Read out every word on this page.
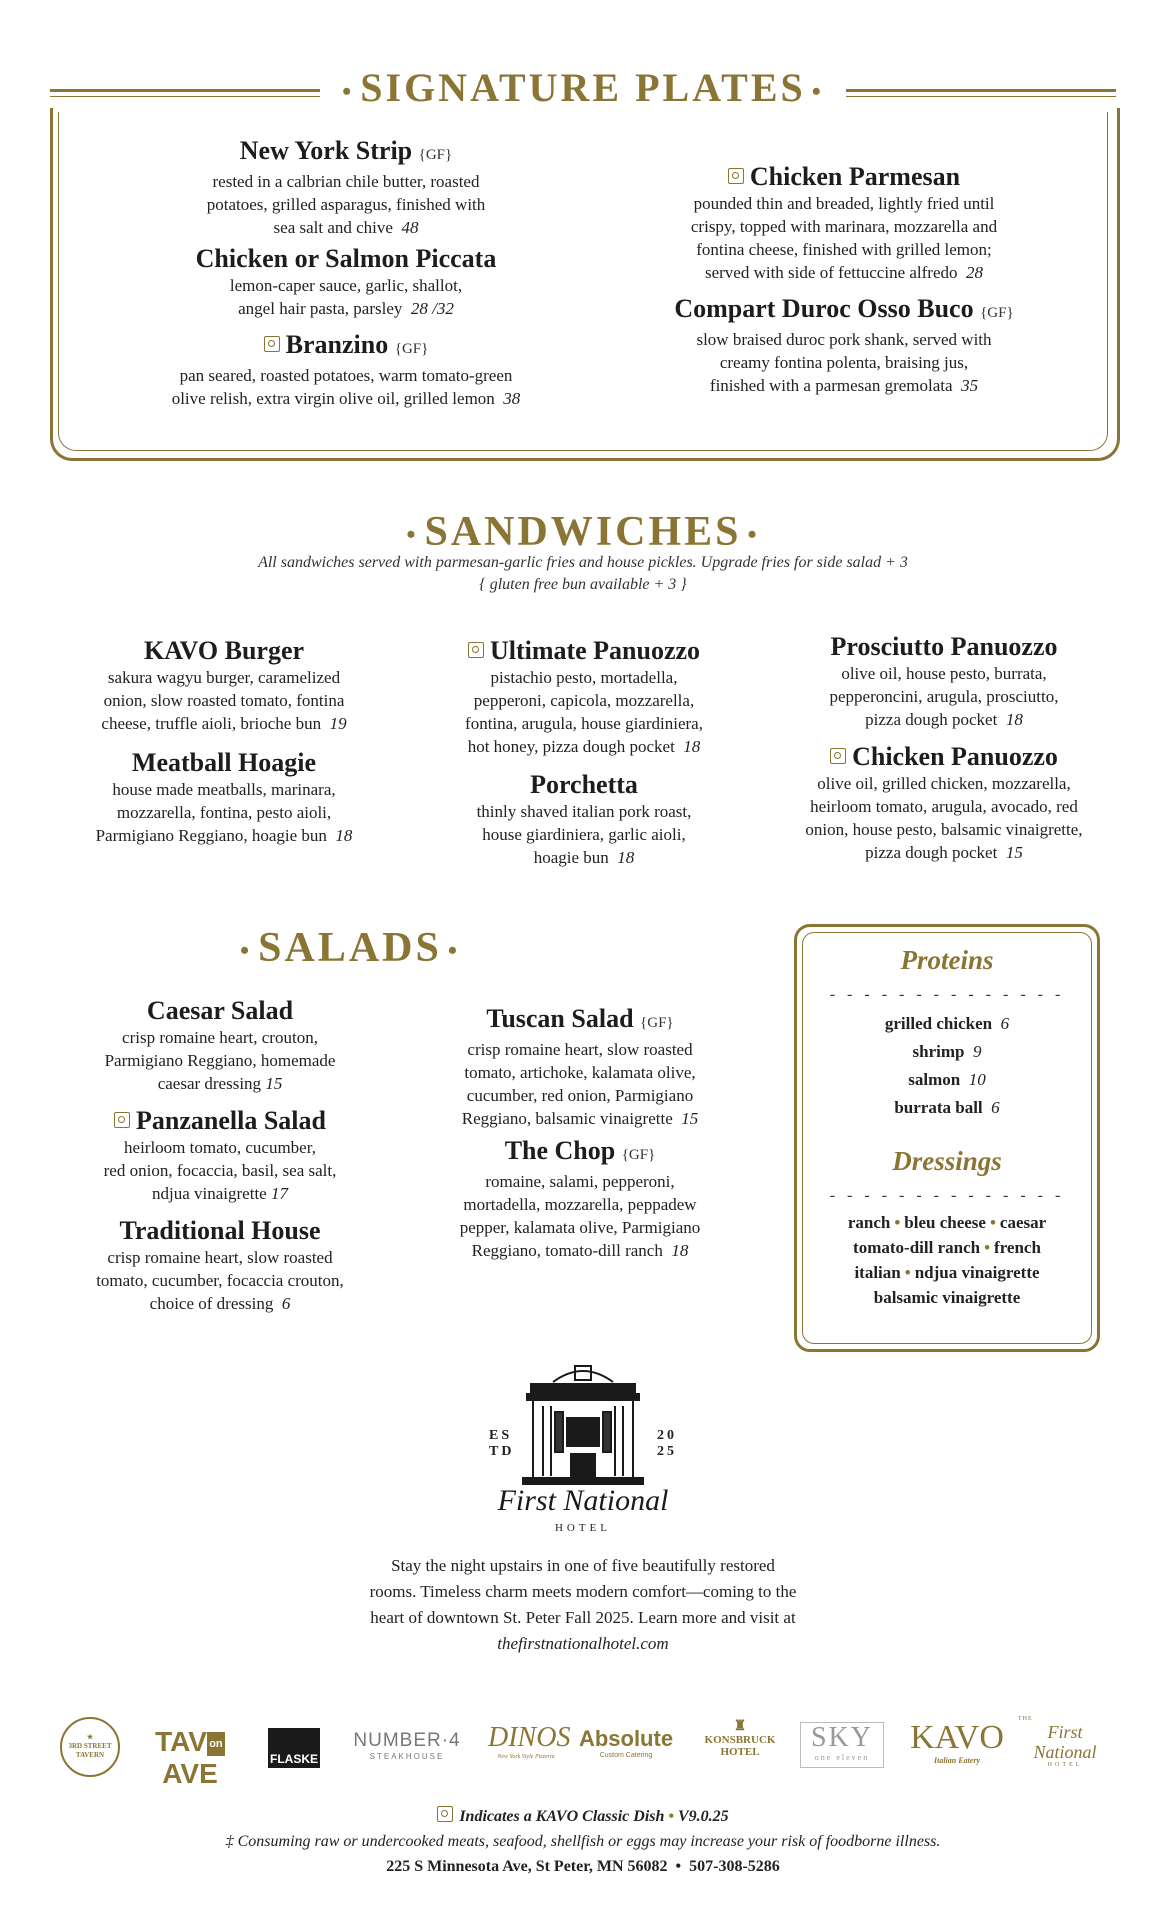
• SIGNATURE PLATES •
New York Strip {GF}
rested in a calbrian chile butter, roasted
potatoes, grilled asparagus, finished with
sea salt and chive 48
Chicken or Salmon Piccata
lemon-caper sauce, garlic, shallot,
angel hair pasta, parsley 28 /32
Branzino {GF}
pan seared, roasted potatoes, warm tomato-green
olive relish, extra virgin olive oil, grilled lemon 38
Chicken Parmesan
pounded thin and breaded, lightly fried until
crispy, topped with marinara, mozzarella and
fontina cheese, finished with grilled lemon;
served with side of fettuccine alfredo 28
Compart Duroc Osso Buco {GF}
slow braised duroc pork shank, served with
creamy fontina polenta, braising jus,
finished with a parmesan gremolata 35
• SANDWICHES •
All sandwiches served with parmesan-garlic fries and house pickles. Upgrade fries for side salad + 3
{ gluten free bun available + 3 }
KAVO Burger
sakura wagyu burger, caramelized
onion, slow roasted tomato, fontina
cheese, truffle aioli, brioche bun 19
Meatball Hoagie
house made meatballs, marinara,
mozzarella, fontina, pesto aioli,
Parmigiano Reggiano, hoagie bun 18
Ultimate Panuozzo
pistachio pesto, mortadella,
pepperoni, capicola, mozzarella,
fontina, arugula, house giardiniera,
hot honey, pizza dough pocket 18
Porchetta
thinly shaved italian pork roast,
house giardiniera, garlic aioli,
hoagie bun 18
Prosciutto Panuozzo
olive oil, house pesto, burrata,
pepperoncini, arugula, prosciutto,
pizza dough pocket 18
Chicken Panuozzo
olive oil, grilled chicken, mozzarella,
heirloom tomato, arugula, avocado, red
onion, house pesto, balsamic vinaigrette,
pizza dough pocket 15
• SALADS •
Caesar Salad
crisp romaine heart, crouton,
Parmigiano Reggiano, homemade
caesar dressing 15
Panzanella Salad
heirloom tomato, cucumber,
red onion, focaccia, basil, sea salt,
ndjua vinaigrette 17
Traditional House
crisp romaine heart, slow roasted
tomato, cucumber, focaccia crouton,
choice of dressing 6
Tuscan Salad {GF}
crisp romaine heart, slow roasted
tomato, artichoke, kalamata olive,
cucumber, red onion, Parmigiano
Reggiano, balsamic vinaigrette 15
The Chop {GF}
romaine, salami, pepperoni,
mortadella, mozzarella, peppadew
pepper, kalamata olive, Parmigiano
Reggiano, tomato-dill ranch 18
Proteins
- - - - - - - - - - - - - -
grilled chicken 6
shrimp 9
salmon 10
burrata ball 6
Dressings
- - - - - - - - - - - - - -
ranch • bleu cheese • caesar
tomato-dill ranch • french
italian • ndjua vinaigrette
balsamic vinaigrette
ES
TD
20
25
First National
HOTEL
Stay the night upstairs in one of five beautifully restored
rooms. Timeless charm meets modern comfort—coming to the
heart of downtown St. Peter Fall 2025. Learn more and visit at
thefirstnationalhotel.com
★
3RD STREET TAVERN	TAV onAVE	FLASKE
NUMBER·4
STEAKHOUSE
DINOS
New York Style Pizzeria
Absolute
Custom Catering
♜
KONSBRUCK
HOTEL	SKY
one eleven
KAVO
Italian Eatery
THE
First National
HOTEL
Indicates a KAVO Classic Dish • V9.0.25
‡ Consuming raw or undercooked meats, seafood, shellfish or eggs may increase your risk of foodborne illness.
225 S Minnesota Ave, St Peter, MN 56082  •  507-308-5286
